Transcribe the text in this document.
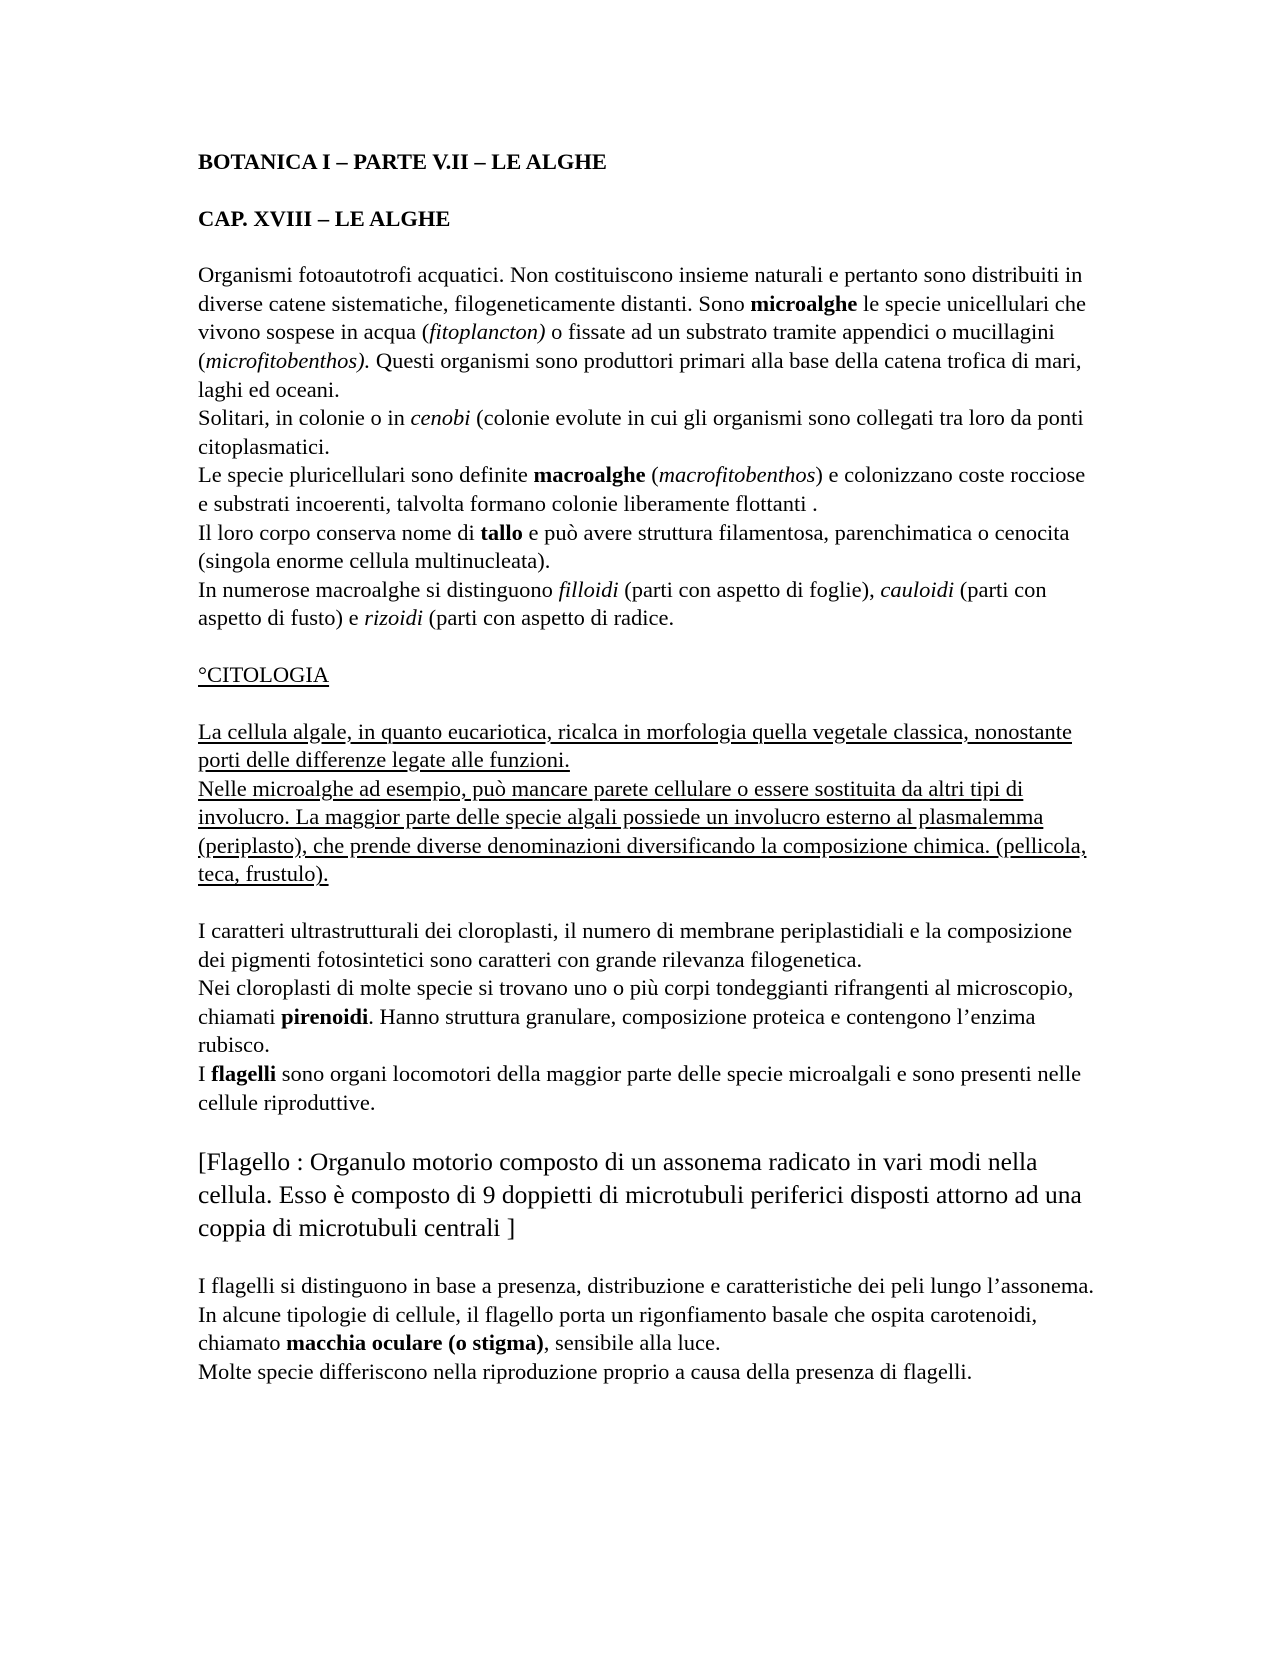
BOTANICA I – PARTE V.II – LE ALGHE

CAP. XVIII – LE ALGHE

Organismi fotoautotrofi acquatici. Non costituiscono insieme naturali e pertanto sono distribuiti in diverse catene sistematiche, filogeneticamente distanti. Sono microalghe le specie unicellulari che vivono sospese in acqua (fitoplancton) o fissate ad un substrato tramite appendici o mucillagini (microfitobenthos). Questi organismi sono produttori primari alla base della catena trofica di mari, laghi ed oceani.

Solitari, in colonie o in cenobi (colonie evolute in cui gli organismi sono collegati tra loro da ponti citoplasmatici.

Le specie pluricellulari sono definite macroalghe (macrofitobenthos) e colonizzano coste rocciose e substrati incoerenti, talvolta formano colonie liberamente flottanti .

Il loro corpo conserva nome di tallo e può avere struttura filamentosa, parenchimatica o cenocita (singola enorme cellula multinucleata).

In numerose macroalghe si distinguono filloidi (parti con aspetto di foglie), cauloidi (parti con aspetto di fusto) e rizoidi (parti con aspetto di radice.

°CITOLOGIA

La cellula algale, in quanto eucariotica, ricalca in morfologia quella vegetale classica, nonostante porti delle differenze legate alle funzioni.

Nelle microalghe ad esempio, può mancare parete cellulare o essere sostituita da altri tipi di involucro. La maggior parte delle specie algali possiede un involucro esterno al plasmalemma (periplasto), che prende diverse denominazioni diversificando la composizione chimica. (pellicola, teca, frustulo).

I caratteri ultrastrutturali dei cloroplasti, il numero di membrane periplastidiali e la composizione dei pigmenti fotosintetici sono caratteri con grande rilevanza filogenetica.

Nei cloroplasti di molte specie si trovano uno o più corpi tondeggianti rifrangenti al microscopio, chiamati pirenoidi. Hanno struttura granulare, composizione proteica e contengono l’enzima rubisco.

I flagelli sono organi locomotori della maggior parte delle specie microalgali e sono presenti nelle cellule riproduttive.

[Flagello : Organulo motorio composto di un assonema radicato in vari modi nella cellula. Esso è composto di 9 doppietti di microtubuli periferici disposti attorno ad una coppia di microtubuli centrali ]

I flagelli si distinguono in base a presenza, distribuzione e caratteristiche dei peli lungo l’assonema.

In alcune tipologie di cellule, il flagello porta un rigonfiamento basale che ospita carotenoidi, chiamato macchia oculare (o stigma), sensibile alla luce.

Molte specie differiscono nella riproduzione proprio a causa della presenza di flagelli.
